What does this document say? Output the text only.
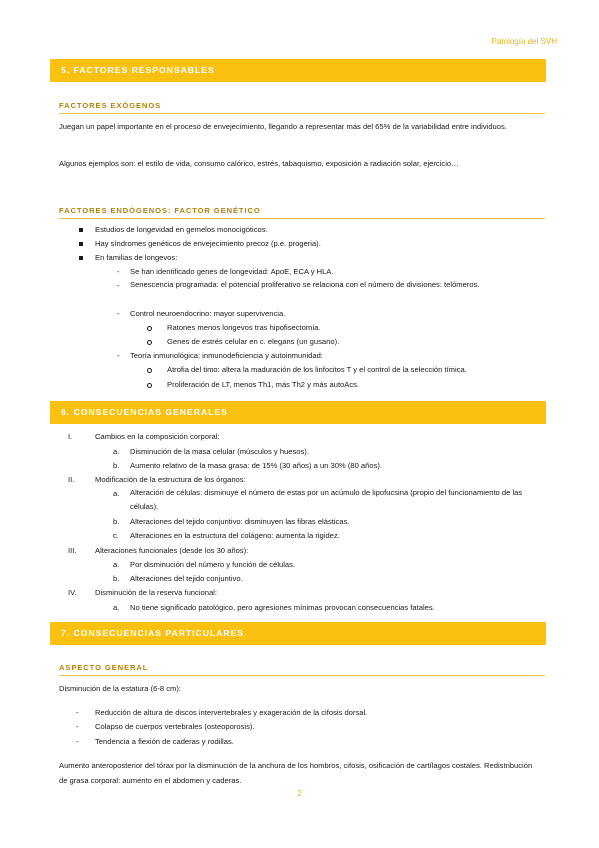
Patología del SVH
5. FACTORES RESPONSABLES
FACTORES EXÓGENOS

Juegan un papel importante en el proceso de envejecimiento, llegando a representar más del 65% de la variabilidad entre individuos.

Algunos ejemplos son: el estilo de vida, consumo calórico, estrés, tabaquismo, exposición a radiación solar, ejercicio…

FACTORES ENDÓGENOS: FACTOR GENÉTICO
Estudios de longevidad en gemelos monocigóticos.
Hay síndromes genéticos de envejecimiento precoz (p.e. progeria).
En familias de longevos:
- Se han identificado genes de longevidad: ApoE, ECA y HLA.
- Senescencia programada: el potencial proliferativo se relaciona con el número de divisiones: telómeros.
- Control neuroendocrino: mayor supervivencia.
Ratones menos longevos tras hipofisectomía.
Genes de estrés celular en c. elegans (un gusano).
- Teoría inmunológica: inmunodeficiencia y autoinmunidad:
Atrofia del timo: altera la maduración de los linfocitos T y el control de la selección tímica.
Proliferación de LT, menos Th1, más Th2 y más autoAcs.
6. CONSECUENCIAS GENERALES
I.	Cambios en la composición corporal:
a. Disminución de la masa celular (músculos y huesos).
b. Aumento relativo de la masa grasa: de 15% (30 años) a un 30% (80 años).
II.	Modificación de la estructura de los órganos:
a. Alteración de células: disminuye el número de estas por un acúmulo de lipofucsina (propio del funcionamiento de las células).
b. Alteraciones del tejido conjuntivo: disminuyen las fibras elásticas.
c. Alteraciones en la estructura del colágeno: aumenta la rigidez.
III. Alteraciones funcionales (desde los 30 años):
a. Por disminución del número y función de células.
b. Alteraciones del tejido conjuntivo.
IV. Disminución de la reserva funcional:
a. No tiene significado patológico, pero agresiones mínimas provocan consecuencias fatales.
7. CONSECUENCIAS PARTICULARES
ASPECTO GENERAL
Disminución de la estatura (6-8 cm):
- Reducción de altura de discos intervertebrales y exageración de la cifosis dorsal.
- Colapso de cuerpos vertebrales (osteoporosis).
- Tendencia a flexión de caderas y rodillas.

Aumento anteroposterior del tórax por la disminución de la anchura de los hombros, cifosis, osificación de cartílagos costales. Redistribución de grasa corporal: aumento en el abdomen y caderas.

2
